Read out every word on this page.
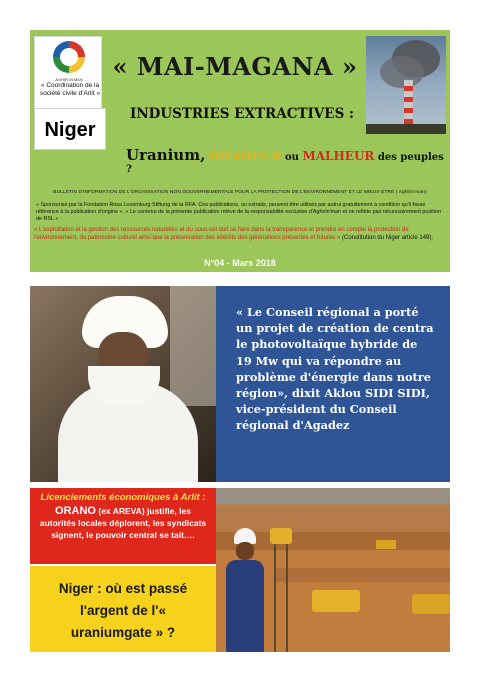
AGHIR IN'MAN
« Coordination de la société civile d'Arlit »
Niger
« MAI-MAGANA »
INDUSTRIES EXTRACTIVES :
Uranium, BONHEUR ou MALHEUR des peuples ?
BULLETIN D'INFORMATION DE L'ORGANISATION NON GOUVERNEMENTALE POUR LA PROTECTION DE L'ENVIRONNEMENT ET LE MIEUX-ETRE ( Aghirin'man)
« Sponsorisé par la Fondation Rosa Luxemburg Stiftung de la RFA. Ces publications, ou extraits, peuvent être utilisés par autrui gratuitement à condition qu'il fasse référence à la publication d'origine ». » Le contenu de la présente publication relève de la responsabilité exclusive d'Aghirin'man et ne reflète pas nécessairement position de RSL »
« L'exploitation et la gestion des ressources naturelles et du sous-sol doit se faire dans la transparence et prendre en compte la protection de l'environnement, du patrimoine culturel ainsi que la préservation des intérêts des générations présentes et futures » (Constitution du Niger article 149).
N°04 - Mars 2018

« Le Conseil régional a porté un projet de création de centra le photovoltaïque hybride de 19 Mw qui va répondre au problème d'énergie dans notre région», dixit Aklou SIDI SIDI, vice-président du Conseil régional d'Agadez

Licenciements économiques à Arlit :
ORANO (ex AREVA) justifie, les autorités locales déplorent, les syndicats signent, le pouvoir central se tait….

Niger : où est passé l'argent de l'« uraniumgate » ?
